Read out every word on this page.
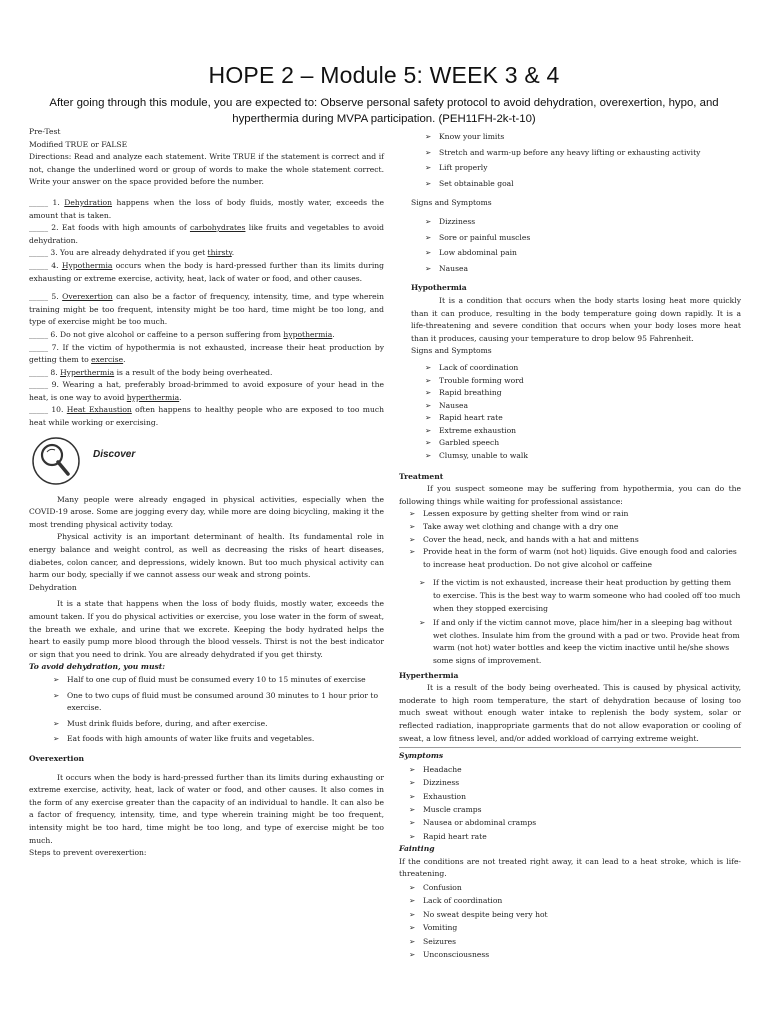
HOPE 2 – Module 5: WEEK 3 & 4
After going through this module, you are expected to: Observe personal safety protocol to avoid dehydration, overexertion, hypo, and hyperthermia during MVPA participation. (PEH11FH-2k-t-10)

Pre-Test

Modified TRUE or FALSE

Directions: Read and analyze each statement. Write TRUE if the statement is correct and if not, change the underlined word or group of words to make the whole statement correct. Write your answer on the space provided before the number.

_____ 1. Dehydration happens when the loss of body fluids, mostly water, exceeds the amount that is taken.

_____ 2. Eat foods with high amounts of carbohydrates like fruits and vegetables to avoid dehydration.

_____ 3. You are already dehydrated if you get thirsty.

_____ 4. Hypothermia occurs when the body is hard-pressed further than its limits during exhausting or extreme exercise, activity, heat, lack of water or food, and other causes.

_____ 5. Overexertion can also be a factor of frequency, intensity, time, and type wherein training might be too frequent, intensity might be too hard, time might be too long, and type of exercise might be too much.

_____ 6. Do not give alcohol or caffeine to a person suffering from hypothermia.

_____ 7. If the victim of hypothermia is not exhausted, increase their heat production by getting them to exercise.

_____ 8. Hyperthermia is a result of the body being overheated.

_____ 9. Wearing a hat, preferably broad-brimmed to avoid exposure of your head in the heat, is one way to avoid hyperthermia.

_____ 10. Heat Exhaustion often happens to healthy people who are exposed to too much heat while working or exercising.

Discover

Many people were already engaged in physical activities, especially when the COVID-19 arose. Some are jogging every day, while more are doing bicycling, making it the most trending physical activity today.

Physical activity is an important determinant of health. Its fundamental role in energy balance and weight control, as well as decreasing the risks of heart diseases, diabetes, colon cancer, and depressions, widely known. But too much physical activity can harm our body, specially if we cannot assess our weak and strong points.

Dehydration

It is a state that happens when the loss of body fluids, mostly water, exceeds the amount taken. If you do physical activities or exercise, you lose water in the form of sweat, the breath we exhale, and urine that we excrete. Keeping the body hydrated helps the heart to easily pump more blood through the blood vessels. Thirst is not the best indicator or sign that you need to drink. You are already dehydrated if you get thirsty.

To avoid dehydration, you must:

➢ Half to one cup of fluid must be consumed every 10 to 15 minutes of exercise
➢ One to two cups of fluid must be consumed around 30 minutes to 1 hour prior to exercise.
➢ Must drink fluids before, during, and after exercise.
➢ Eat foods with high amounts of water like fruits and vegetables.

Overexertion

It occurs when the body is hard-pressed further than its limits during exhausting or extreme exercise, activity, heat, lack of water or food, and other causes. It also comes in the form of any exercise greater than the capacity of an individual to handle. It can also be a factor of frequency, intensity, time, and type wherein training might be too frequent, intensity might be too hard, time might be too long, and type of exercise might be too much.

Steps to prevent overexertion:

➢ Know your limits
➢ Stretch and warm-up before any heavy lifting or exhausting activity
➢ Lift properly
➢ Set obtainable goal

Signs and Symptoms

➢ Dizziness
➢ Sore or painful muscles
➢ Low abdominal pain
➢ Nausea

Hypothermia

It is a condition that occurs when the body starts losing heat more quickly than it can produce, resulting in the body temperature going down rapidly. It is a life-threatening and severe condition that occurs when your body loses more heat than it produces, causing your temperature to drop below 95 Fahrenheit.

Signs and Symptoms

➢ Lack of coordination
➢ Trouble forming word
➢ Rapid breathing
➢ Nausea
➢ Rapid heart rate
➢ Extreme exhaustion
➢ Garbled speech
➢ Clumsy, unable to walk

Treatment

If you suspect someone may be suffering from hypothermia, you can do the following things while waiting for professional assistance:

➢ Lessen exposure by getting shelter from wind or rain
➢ Take away wet clothing and change with a dry one
➢ Cover the head, neck, and hands with a hat and mittens
➢ Provide heat in the form of warm (not hot) liquids. Give enough food and calories to increase heat production. Do not give alcohol or caffeine
➢ If the victim is not exhausted, increase their heat production by getting them to exercise. This is the best way to warm someone who had cooled off too much when they stopped exercising
➢ If and only if the victim cannot move, place him/her in a sleeping bag without wet clothes. Insulate him from the ground with a pad or two. Provide heat from warm (not hot) water bottles and keep the victim inactive until he/she shows some signs of improvement.

Hyperthermia

It is a result of the body being overheated. This is caused by physical activity, moderate to high room temperature, the start of dehydration because of losing too much sweat without enough water intake to replenish the body system, solar or reflected radiation, inappropriate garments that do not allow evaporation or cooling of sweat, a low fitness level, and/or added workload of carrying extreme weight.

Symptoms

➢ Headache
➢ Dizziness
➢ Exhaustion
➢ Muscle cramps
➢ Nausea or abdominal cramps
➢ Rapid heart rate

Fainting

If the conditions are not treated right away, it can lead to a heat stroke, which is life-threatening.

➢ Confusion
➢ Lack of coordination
➢ No sweat despite being very hot
➢ Vomiting
➢ Seizures
➢ Unconsciousness
